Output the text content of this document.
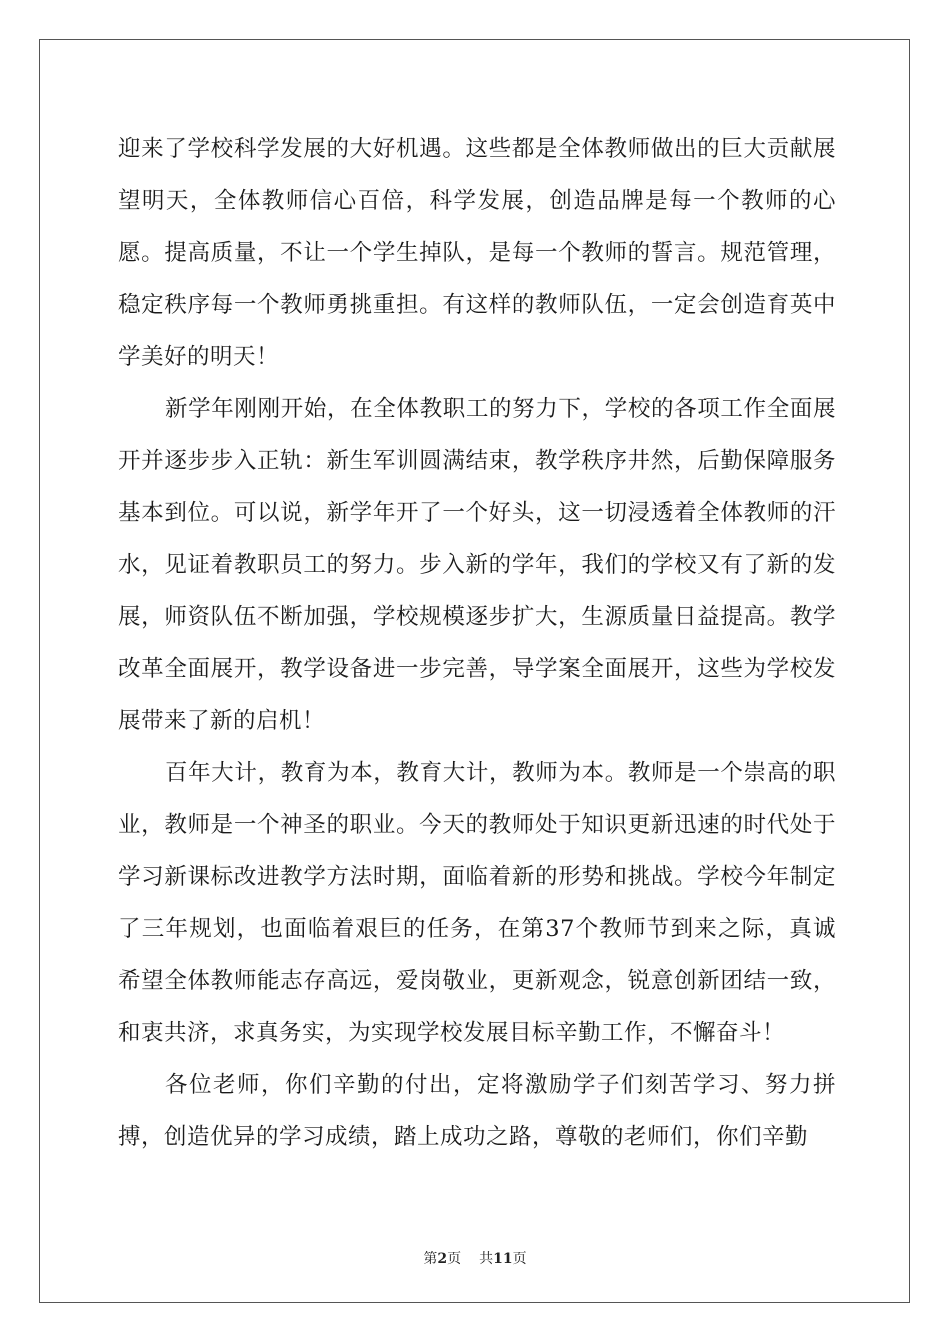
迎来了学校科学发展的大好机遇。这些都是全体教师做出的巨大贡献展望明天，全体教师信心百倍，科学发展，创造品牌是每一个教师的心愿。提高质量，不让一个学生掉队，是每一个教师的誓言。规范管理，稳定秩序每一个教师勇挑重担。有这样的教师队伍，一定会创造育英中学美好的明天！

新学年刚刚开始，在全体教职工的努力下，学校的各项工作全面展开并逐步步入正轨：新生军训圆满结束，教学秩序井然，后勤保障服务基本到位。可以说，新学年开了一个好头，这一切浸透着全体教师的汗水，见证着教职员工的努力。步入新的学年，我们的学校又有了新的发展，师资队伍不断加强，学校规模逐步扩大，生源质量日益提高。教学改革全面展开，教学设备进一步完善，导学案全面展开，这些为学校发展带来了新的启机！

百年大计，教育为本，教育大计，教师为本。教师是一个崇高的职业，教师是一个神圣的职业。今天的教师处于知识更新迅速的时代处于学习新课标改进教学方法时期，面临着新的形势和挑战。学校今年制定了三年规划，也面临着艰巨的任务，在第37个教师节到来之际，真诚希望全体教师能志存高远，爱岗敬业，更新观念，锐意创新团结一致，和衷共济，求真务实，为实现学校发展目标辛勤工作，不懈奋斗！

各位老师，你们辛勤的付出，定将激励学子们刻苦学习、努力拼搏，创造优异的学习成绩，踏上成功之路，尊敬的老师们，你们辛勤

第2页 共11页
